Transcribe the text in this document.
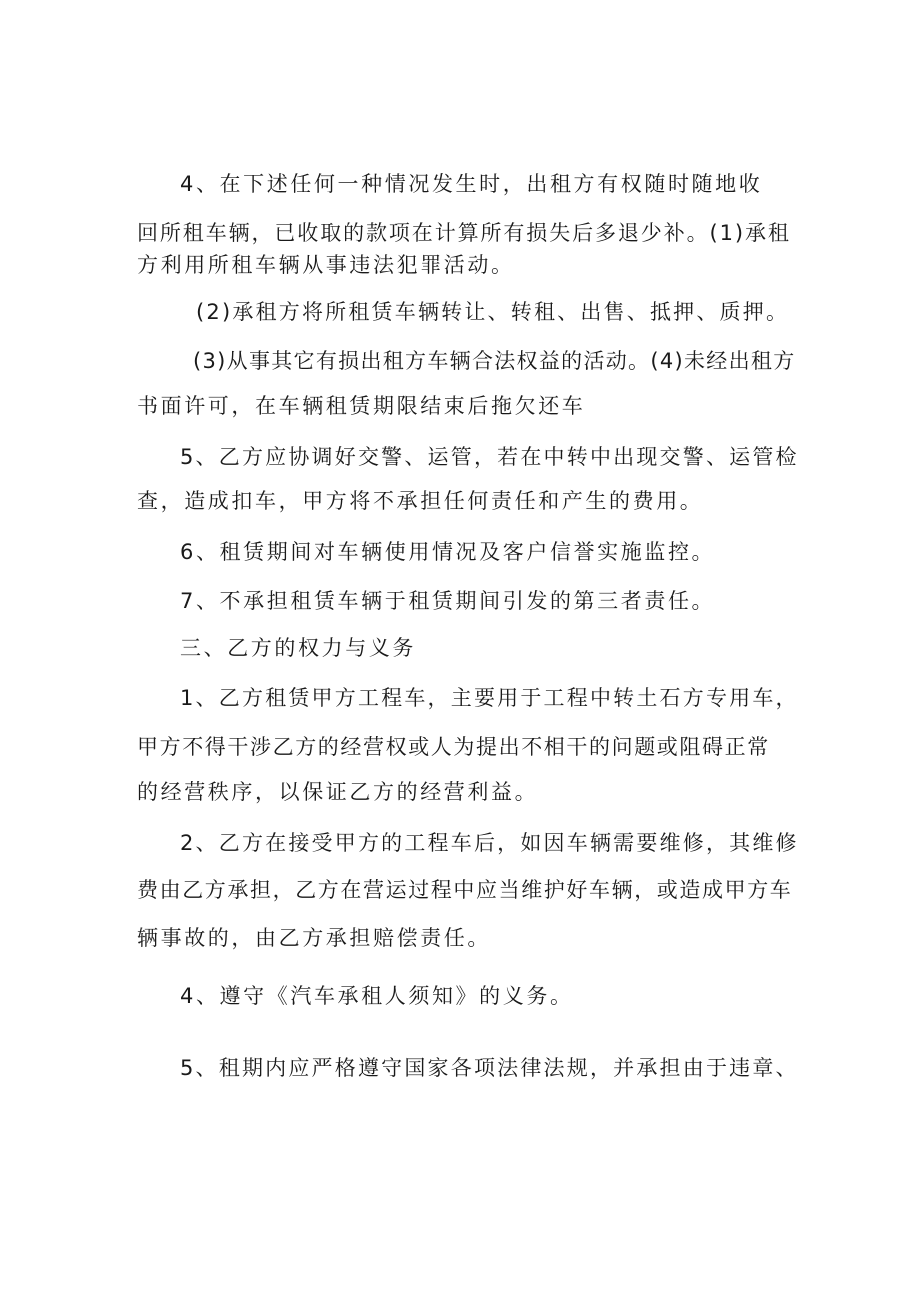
4、在下述任何一种情况发生时，出租方有权随时随地收
回所租车辆，已收取的款项在计算所有损失后多退少补。(1)承租
方利用所租车辆从事违法犯罪活动。
(2)承租方将所租赁车辆转让、转租、出售、抵押、质押。
(3)从事其它有损出租方车辆合法权益的活动。(4)未经出租方
书面许可，在车辆租赁期限结束后拖欠还车
5、乙方应协调好交警、运管，若在中转中出现交警、运管检
查，造成扣车，甲方将不承担任何责任和产生的费用。
6、租赁期间对车辆使用情况及客户信誉实施监控。
7、不承担租赁车辆于租赁期间引发的第三者责任。
三、乙方的权力与义务
1、乙方租赁甲方工程车，主要用于工程中转土石方专用车，
甲方不得干涉乙方的经营权或人为提出不相干的问题或阻碍正常
的经营秩序，以保证乙方的经营利益。
2、乙方在接受甲方的工程车后，如因车辆需要维修，其维修
费由乙方承担，乙方在营运过程中应当维护好车辆，或造成甲方车
辆事故的，由乙方承担赔偿责任。
4、遵守《汽车承租人须知》的义务。
5、租期内应严格遵守国家各项法律法规，并承担由于违章、
